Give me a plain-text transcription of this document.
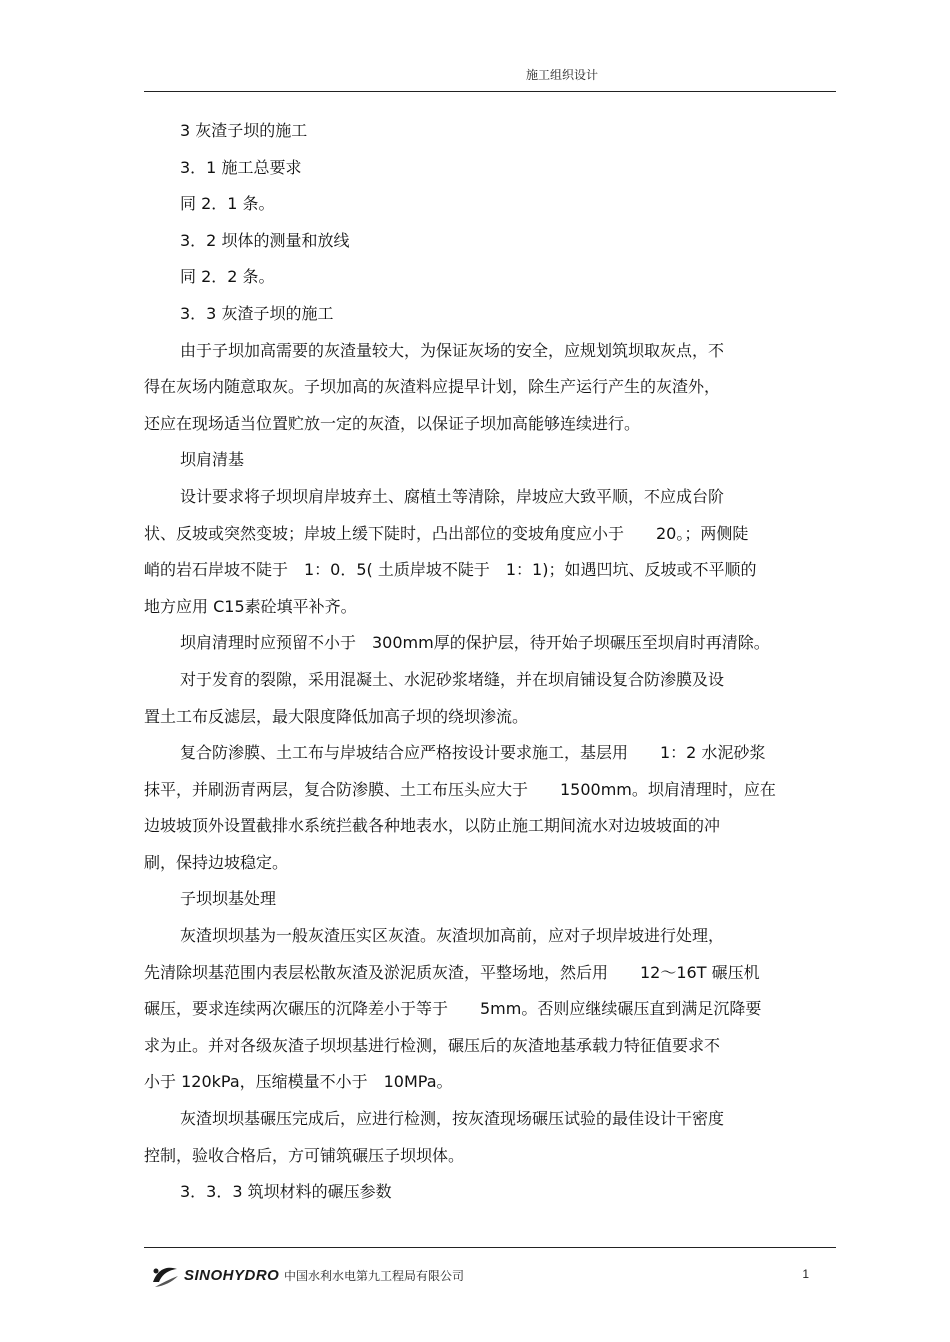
施工组织设计

3 灰渣子坝的施工

3．1 施工总要求

同 2．1 条。

3．2 坝体的测量和放线

同 2．2 条。

3．3 灰渣子坝的施工

由于子坝加高需要的灰渣量较大，为保证灰场的安全，应规划筑坝取灰点，不

得在灰场内随意取灰。子坝加高的灰渣料应提早计划，除生产运行产生的灰渣外，

还应在现场适当位置贮放一定的灰渣，以保证子坝加高能够连续进行。

坝肩清基

设计要求将子坝坝肩岸坡弃土、腐植土等清除，岸坡应大致平顺，不应成台阶

状、反坡或突然变坡；岸坡上缓下陡时，凸出部位的变坡角度应小于　　20。；两侧陡

峭的岩石岸坡不陡于　1：0．5( 土质岸坡不陡于　1：1)；如遇凹坑、反坡或不平顺的

地方应用 C15素砼填平补齐。

坝肩清理时应预留不小于　300mm厚的保护层，待开始子坝碾压至坝肩时再清除。

对于发育的裂隙，采用混凝土、水泥砂浆堵缝，并在坝肩铺设复合防渗膜及设

置土工布反滤层，最大限度降低加高子坝的绕坝渗流。

复合防渗膜、土工布与岸坡结合应严格按设计要求施工，基层用　　1：2 水泥砂浆

抹平，并刷沥青两层，复合防渗膜、土工布压头应大于　　1500mm。坝肩清理时，应在

边坡坡顶外设置截排水系统拦截各种地表水，以防止施工期间流水对边坡坡面的冲

刷，保持边坡稳定。

子坝坝基处理

灰渣坝坝基为一般灰渣压实区灰渣。灰渣坝加高前，应对子坝岸坡进行处理，

先清除坝基范围内表层松散灰渣及淤泥质灰渣，平整场地，然后用　　12～16T 碾压机

碾压，要求连续两次碾压的沉降差小于等于　　5mm。否则应继续碾压直到满足沉降要

求为止。并对各级灰渣子坝坝基进行检测，碾压后的灰渣地基承载力特征值要求不

小于 120kPa，压缩模量不小于　10MPa。

灰渣坝坝基碾压完成后，应进行检测，按灰渣现场碾压试验的最佳设计干密度

控制，验收合格后，方可铺筑碾压子坝坝体。

3．3．3 筑坝材料的碾压参数

SINOHYDRO 中国水利水电第九工程局有限公司	1
